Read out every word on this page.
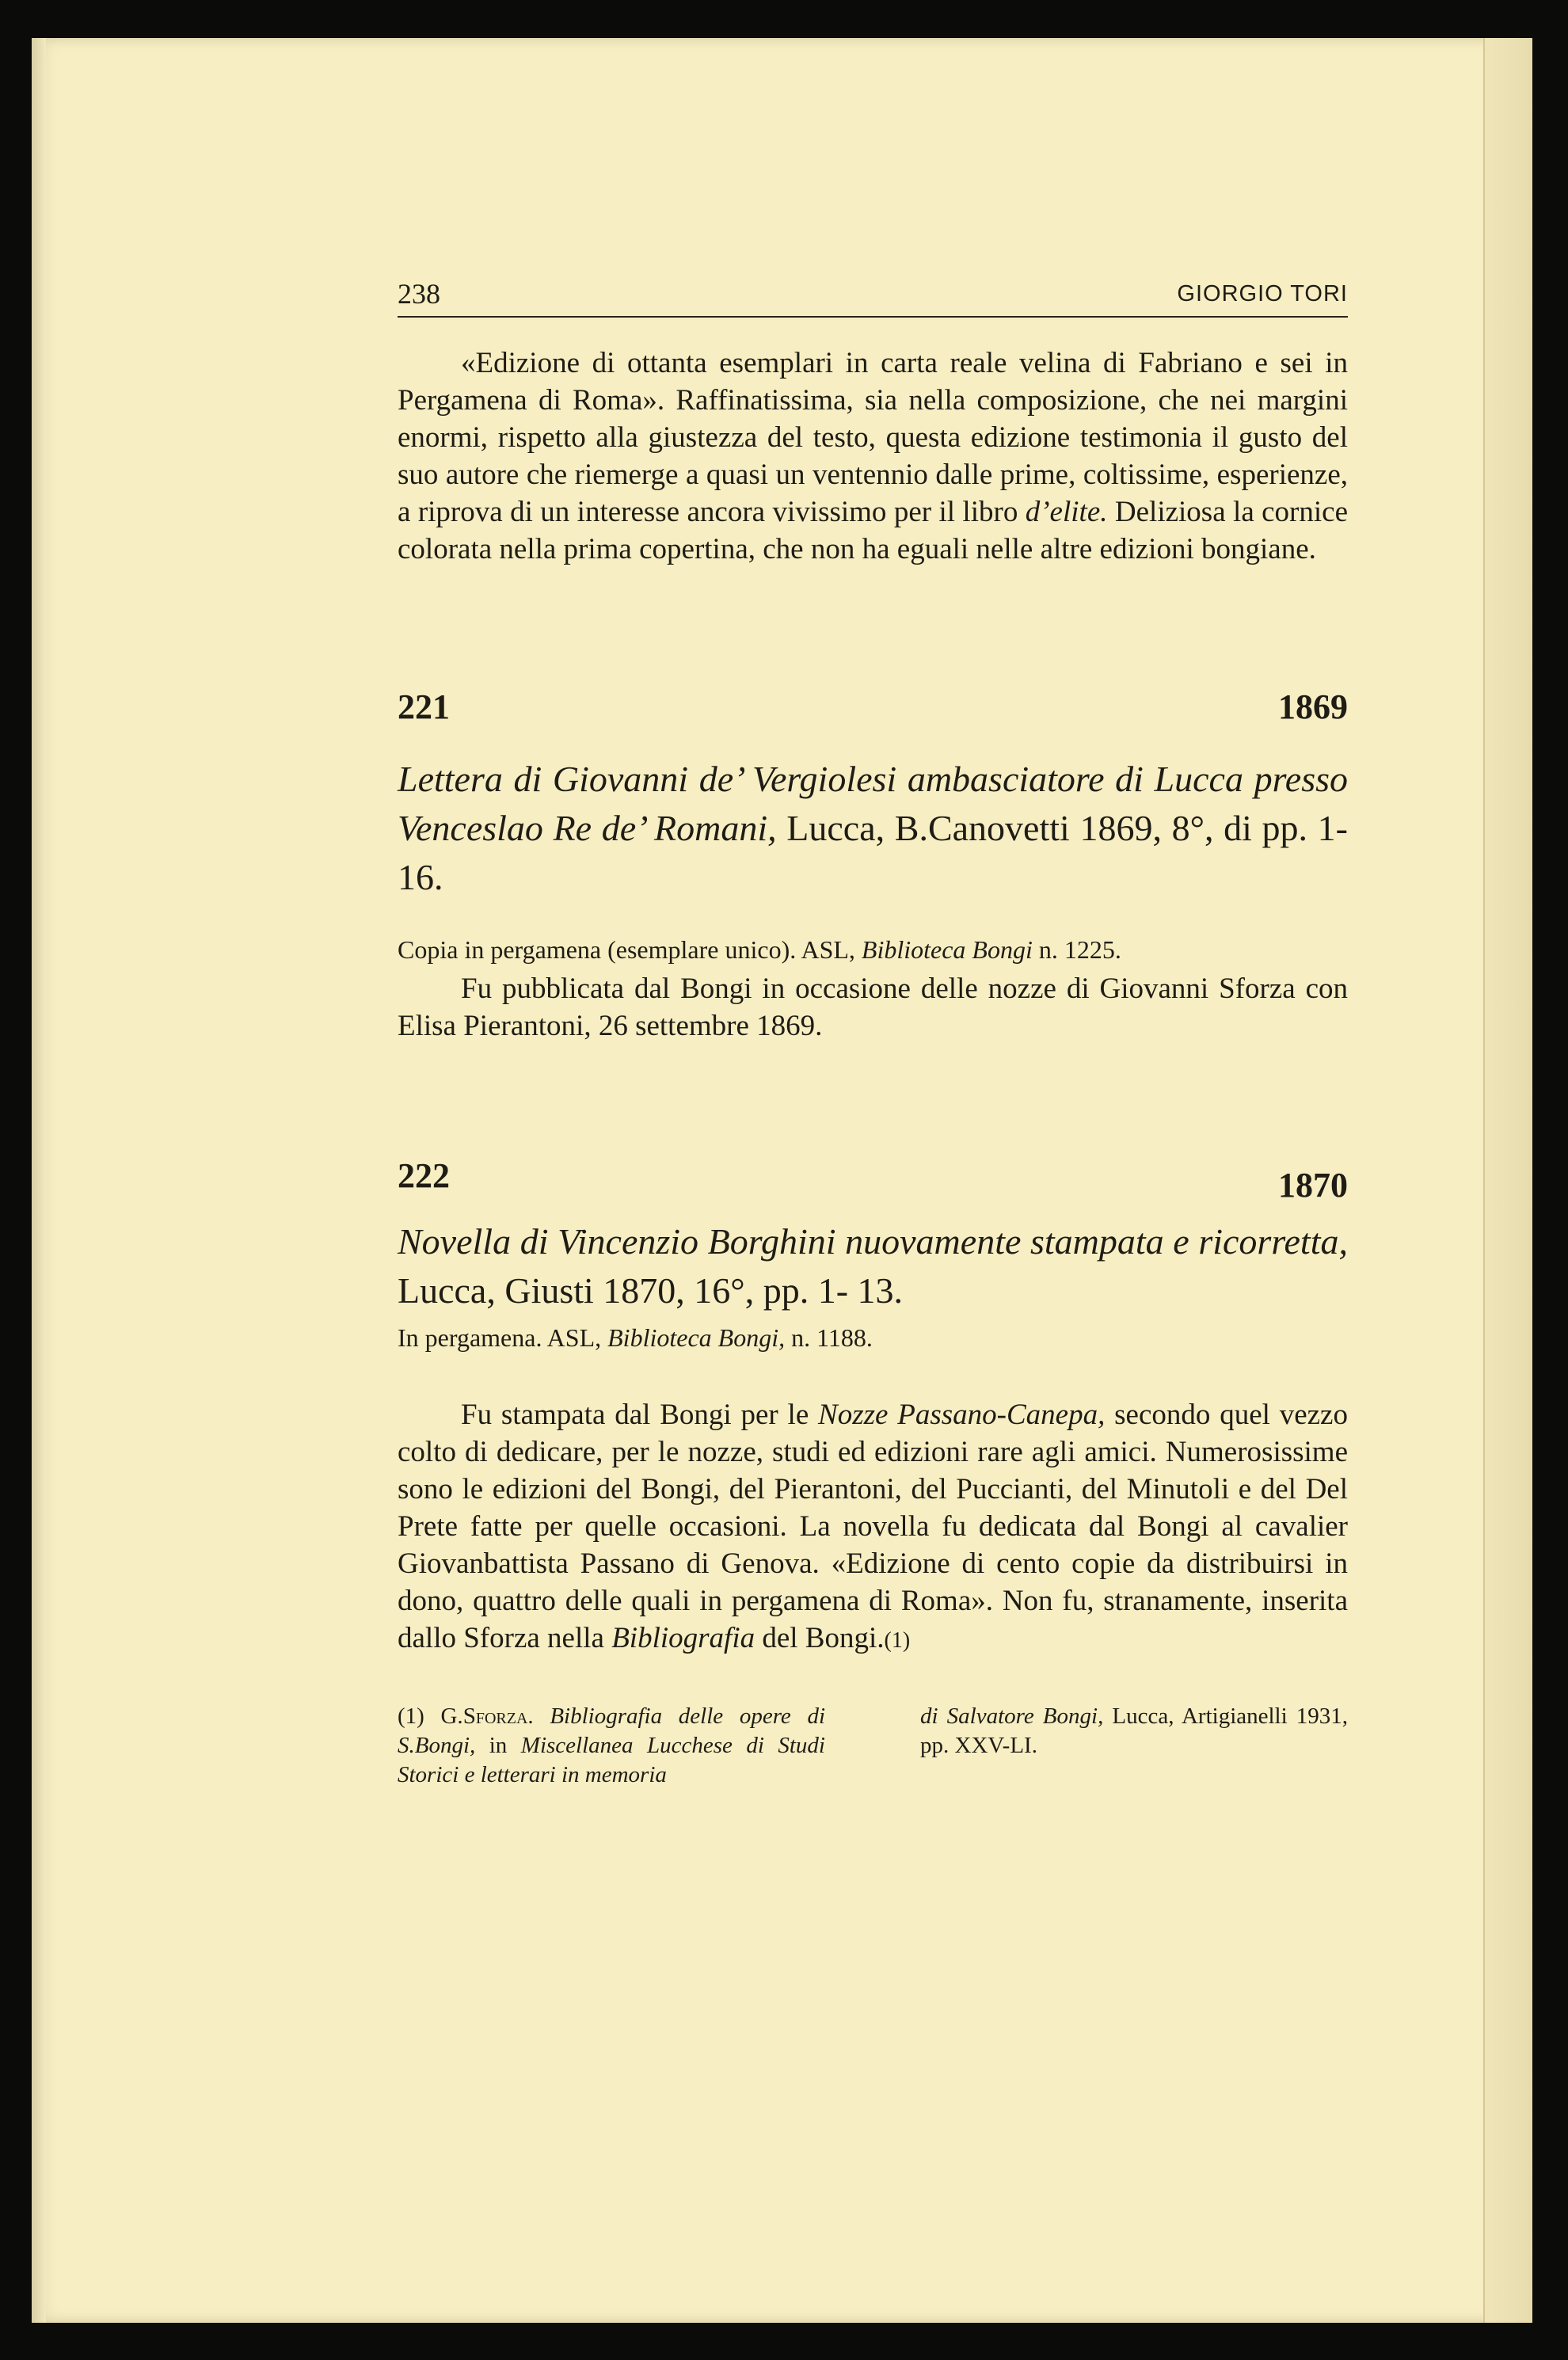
238	GIORGIO TORI

«Edizione di ottanta esemplari in carta reale velina di Fabriano e sei in Pergamena di Roma». Raffinatissima, sia nella composizione, che nei margini enormi, rispetto alla giustezza del testo, questa edizione testimonia il gusto del suo autore che riemerge a quasi un ventennio dalle prime, coltissime, esperienze, a riprova di un interesse ancora vivissimo per il libro d’elite. Deliziosa la cornice colorata nella prima copertina, che non ha eguali nelle altre edizioni bongiane.

221	1869

Lettera di Giovanni de’ Vergiolesi ambasciatore di Lucca presso Venceslao Re de’ Romani, Lucca, B.Canovetti 1869, 8°, di pp. 1-16.

Copia in pergamena (esemplare unico). ASL, Biblioteca Bongi n. 1225.

Fu pubblicata dal Bongi in occasione delle nozze di Giovanni Sforza con Elisa Pierantoni, 26 settembre 1869.

222	1870

Novella di Vincenzio Borghini nuovamente stampata e ricorretta, Lucca, Giusti 1870, 16°, pp. 1- 13.

In pergamena. ASL, Biblioteca Bongi, n. 1188.

Fu stampata dal Bongi per le Nozze Passano-Canepa, secondo quel vezzo colto di dedicare, per le nozze, studi ed edizioni rare agli amici. Numerosissime sono le edizioni del Bongi, del Pierantoni, del Puccianti, del Minutoli e del Del Prete fatte per quelle occasioni. La novella fu dedicata dal Bongi al cavalier Giovanbattista Passano di Genova. «Edizione di cento copie da distribuirsi in dono, quattro delle quali in pergamena di Roma». Non fu, stranamente, inserita dallo Sforza nella Bibliografia del Bongi.(1)

(1) G.Sforza. Bibliografia delle opere di S.Bongi, in Miscellanea Lucchese di Studi Storici e letterari in memoria
di Salvatore Bongi, Lucca, Artigianelli 1931, pp. XXV-LI.
